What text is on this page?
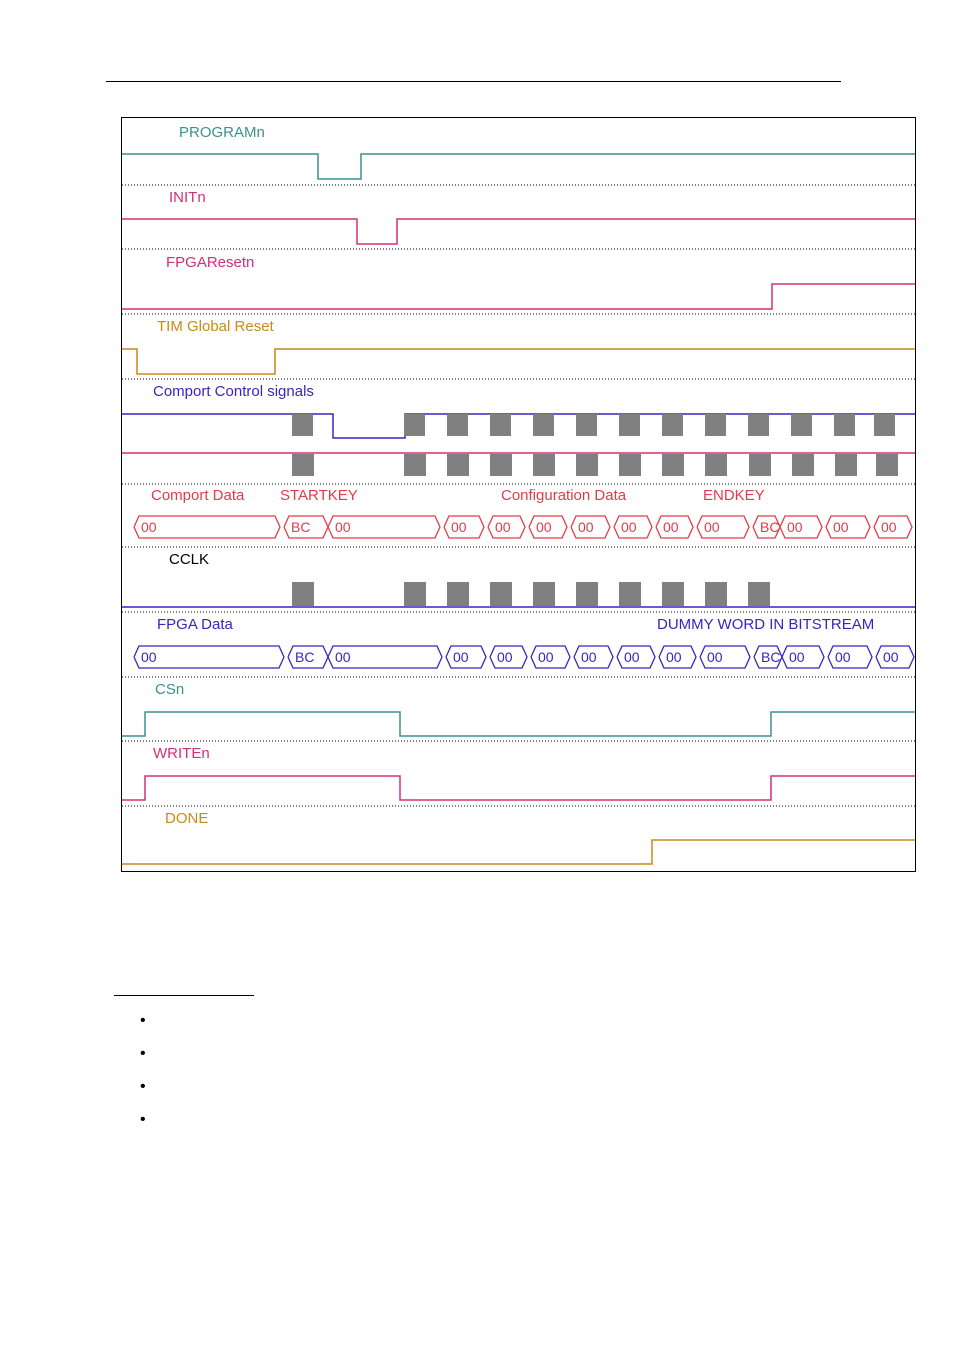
PROGRAMn
INITn
FPGAResetn
TIM Global Reset
Comport Control signals
Comport Data
CCLK
FPGA Data
CSn
WRITEn
DONE
STARTKEY	Configuration Data	ENDKEY
DUMMY WORD IN BITSTREAM
00	BC 00	00 00 00 00 00 00 00	BC 00 00 00
00	BC 00	00 00 00 00 00 00 00	BC 00 00 00
•
•
•
•
